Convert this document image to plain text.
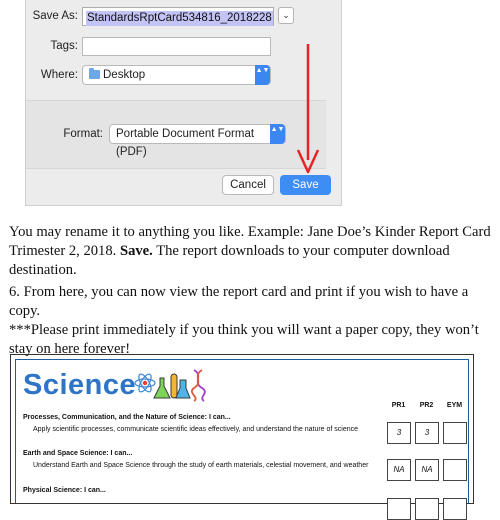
Save As: StandardsRptCard534816_2018228	⌄
Tags:
Where:	Desktop	▲▼
Format:	Portable Document Format (PDF)
▲▼
Cancel	Save

You may rename it to anything you like. Example: Jane Doe’s Kinder Report Card Trimester 2, 2018. Save. The report downloads to your computer download destination.

6. From here, you can now view the report card and print if you wish to have a copy.
***Please print immediately if you think you will want a paper copy, they won’t stay on here forever!

Science
PR1	PR2	EYM
Processes, Communication, and the Nature of Science: I can...
Apply scientific processes, communicate scientific ideas effectively, and understand the nature of science	3	3
Earth and Space Science: I can...
Understand Earth and Space Science through the study of earth materials, celestial movement, and weather	NA	NA
Physical Science: I can...
